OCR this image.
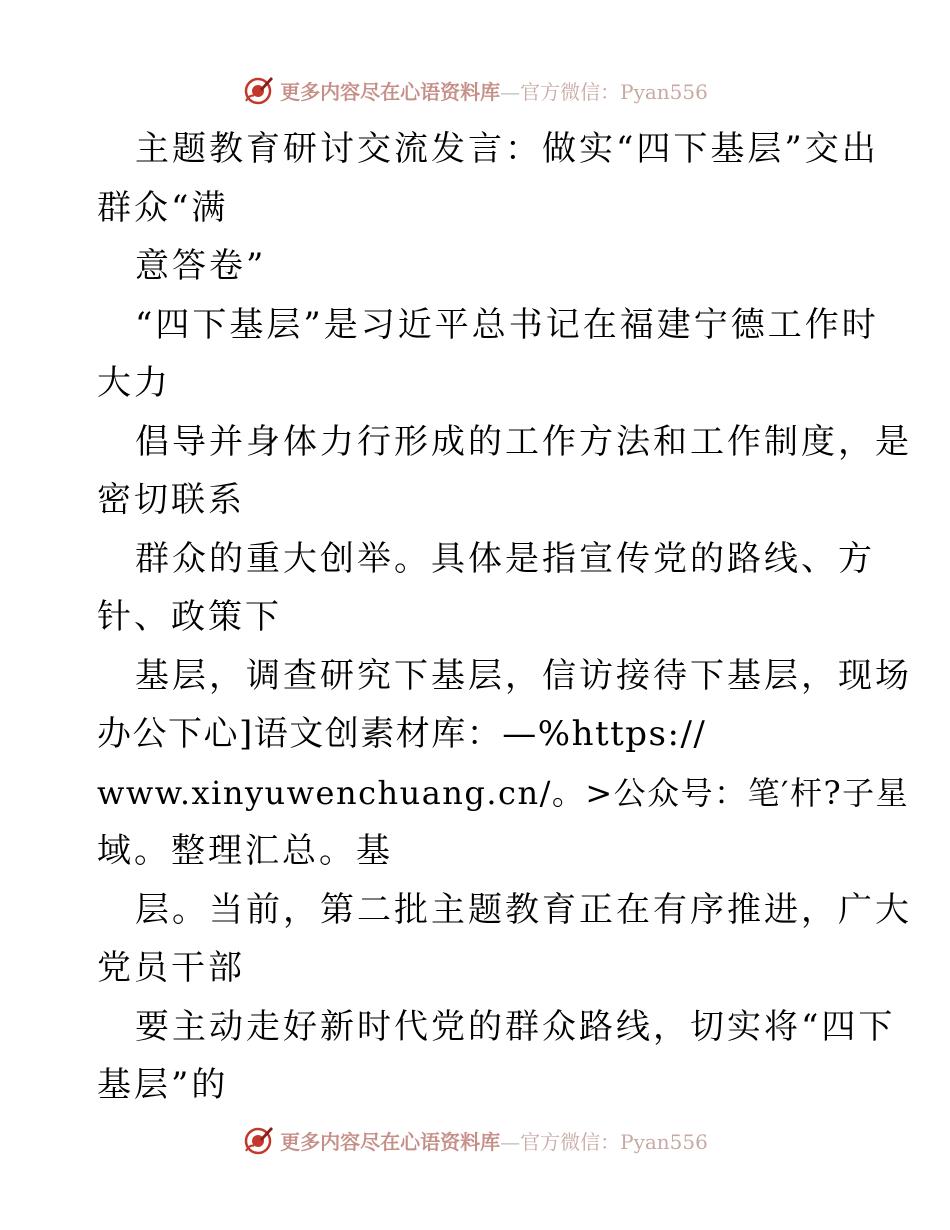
更多内容尽在心语资料库—官方微信：Pyan556
主题教育研讨交流发言：做实“四下基层”交出
群众“满
意答卷”
“四下基层”是习近平总书记在福建宁德工作时
大力
倡导并身体力行形成的工作方法和工作制度，是
密切联系
群众的重大创举。具体是指宣传党的路线、方
针、政策下
基层，调查研究下基层，信访接待下基层，现场
办公下心]语文创素材库：—%https://
www.xinyuwenchuang.cn/。>公众号：笔′杆?子星
域。整理汇总。基
层。当前，第二批主题教育正在有序推进，广大
党员干部
要主动走好新时代党的群众路线，切实将“四下
基层”的
更多内容尽在心语资料库—官方微信：Pyan556
